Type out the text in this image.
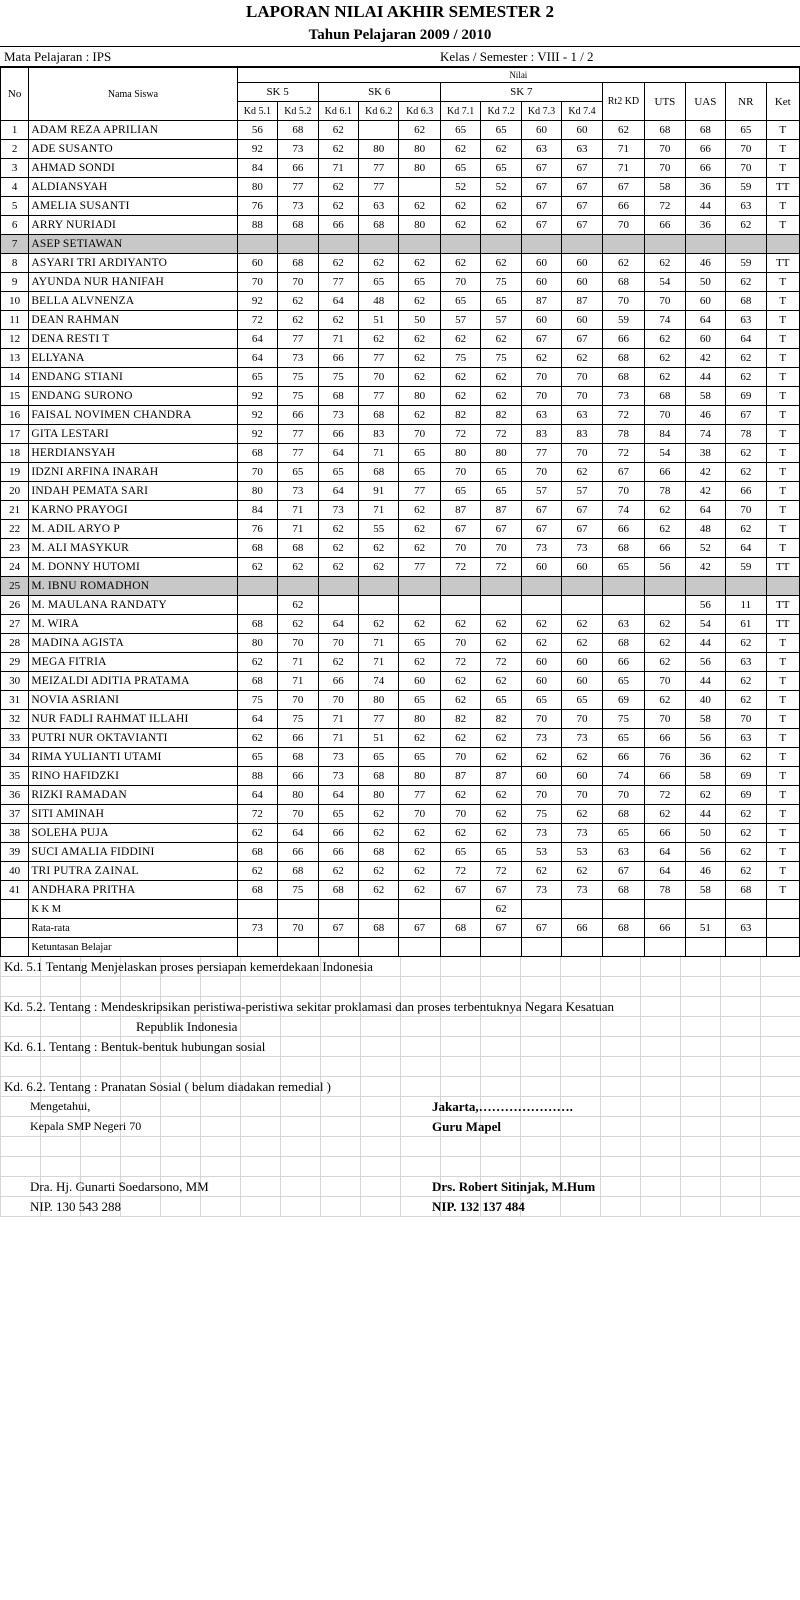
LAPORAN NILAI AKHIR SEMESTER 2
Tahun Pelajaran 2009 / 2010
Mata Pelajaran : IPS	Kelas / Semester : VIII - 1 / 2
No	Nama Siswa	Nilai													
		SK 5		SK 6			SK 7				Rt2 KD	UTS	UAS	NR	Ket
		Kd 5.1	Kd 5.2	Kd 6.1	Kd 6.2	Kd 6.3	Kd 7.1	Kd 7.2	Kd 7.3	Kd 7.4					
1	ADAM REZA APRILIAN	56	68	62		62	65	65	60	60	62	68	68	65	T
2	ADE SUSANTO	92	73	62	80	80	62	62	63	63	71	70	66	70	T
3	AHMAD SONDI	84	66	71	77	80	65	65	67	67	71	70	66	70	T
4	ALDIANSYAH	80	77	62	77		52	52	67	67	67	58	36	59	TT
5	AMELIA SUSANTI	76	73	62	63	62	62	62	67	67	66	72	44	63	T
6	ARRY NURIADI	88	68	66	68	80	62	62	67	67	70	66	36	62	T
7	ASEP SETIAWAN														
8	ASYARI TRI ARDIYANTO	60	68	62	62	62	62	62	60	60	62	62	46	59	TT
9	AYUNDA NUR HANIFAH	70	70	77	65	65	70	75	60	60	68	54	50	62	T
10	BELLA ALVNENZA	92	62	64	48	62	65	65	87	87	70	70	60	68	T
11	DEAN RAHMAN	72	62	62	51	50	57	57	60	60	59	74	64	63	T
12	DENA RESTI T	64	77	71	62	62	62	62	67	67	66	62	60	64	T
13	ELLYANA	64	73	66	77	62	75	75	62	62	68	62	42	62	T
14	ENDANG STIANI	65	75	75	70	62	62	62	70	70	68	62	44	62	T
15	ENDANG SURONO	92	75	68	77	80	62	62	70	70	73	68	58	69	T
16	FAISAL NOVIMEN CHANDRA	92	66	73	68	62	82	82	63	63	72	70	46	67	T
17	GITA LESTARI	92	77	66	83	70	72	72	83	83	78	84	74	78	T
18	HERDIANSYAH	68	77	64	71	65	80	80	77	70	72	54	38	62	T
19	IDZNI ARFINA INARAH	70	65	65	68	65	70	65	70	62	67	66	42	62	T
20	INDAH PEMATA SARI	80	73	64	91	77	65	65	57	57	70	78	42	66	T
21	KARNO PRAYOGI	84	71	73	71	62	87	87	67	67	74	62	64	70	T
22	M. ADIL ARYO P	76	71	62	55	62	67	67	67	67	66	62	48	62	T
23	M. ALI MASYKUR	68	68	62	62	62	70	70	73	73	68	66	52	64	T
24	M. DONNY HUTOMI	62	62	62	62	77	72	72	60	60	65	56	42	59	TT
25	M. IBNU ROMADHON														
26	M. MAULANA RANDATY		62										56	11	TT
27	M. WIRA	68	62	64	62	62	62	62	62	62	63	62	54	61	TT
28	MADINA AGISTA	80	70	70	71	65	70	62	62	62	68	62	44	62	T
29	MEGA FITRIA	62	71	62	71	62	72	72	60	60	66	62	56	63	T
30	MEIZALDI ADITIA PRATAMA	68	71	66	74	60	62	62	60	60	65	70	44	62	T
31	NOVIA ASRIANI	75	70	70	80	65	62	65	65	65	69	62	40	62	T
32	NUR FADLI RAHMAT ILLAHI	64	75	71	77	80	82	82	70	70	75	70	58	70	T
33	PUTRI NUR OKTAVIANTI	62	66	71	51	62	62	62	73	73	65	66	56	63	T
34	RIMA YULIANTI UTAMI	65	68	73	65	65	70	62	62	62	66	76	36	62	T
35	RINO HAFIDZKI	88	66	73	68	80	87	87	60	60	74	66	58	69	T
36	RIZKI RAMADAN	64	80	64	80	77	62	62	70	70	70	72	62	69	T
37	SITI AMINAH	72	70	65	62	70	70	62	75	62	68	62	44	62	T
38	SOLEHA PUJA	62	64	66	62	62	62	62	73	73	65	66	50	62	T
39	SUCI AMALIA FIDDINI	68	66	66	68	62	65	65	53	53	63	64	56	62	T
40	TRI PUTRA ZAINAL	62	68	62	62	62	72	72	62	62	67	64	46	62	T
41	ANDHARA PRITHA	68	75	68	62	62	67	67	73	73	68	78	58	68	T
	K K M							62							
	Rata-rata	73	70	67	68	67	68	67	67	66	68	66	51	63	
	Ketuntasan Belajar														
Kd. 5.1 Tentang Menjelaskan proses persiapan kemerdekaan Indonesia
Kd. 5.2. Tentang : Mendeskripsikan peristiwa-peristiwa sekitar proklamasi dan proses terbentuknya Negara Kesatuan
Republik Indonesia
Kd. 6.1. Tentang : Bentuk-bentuk hubungan sosial
Kd. 6.2. Tentang : Pranatan Sosial ( belum diadakan remedial )
Mengetahui,	Jakarta,………………….
Kepala SMP Negeri 70	Guru Mapel
Dra. Hj. Gunarti Soedarsono, MM	Drs. Robert Sitinjak, M.Hum
NIP. 130 543 288	NIP. 132 137 484
